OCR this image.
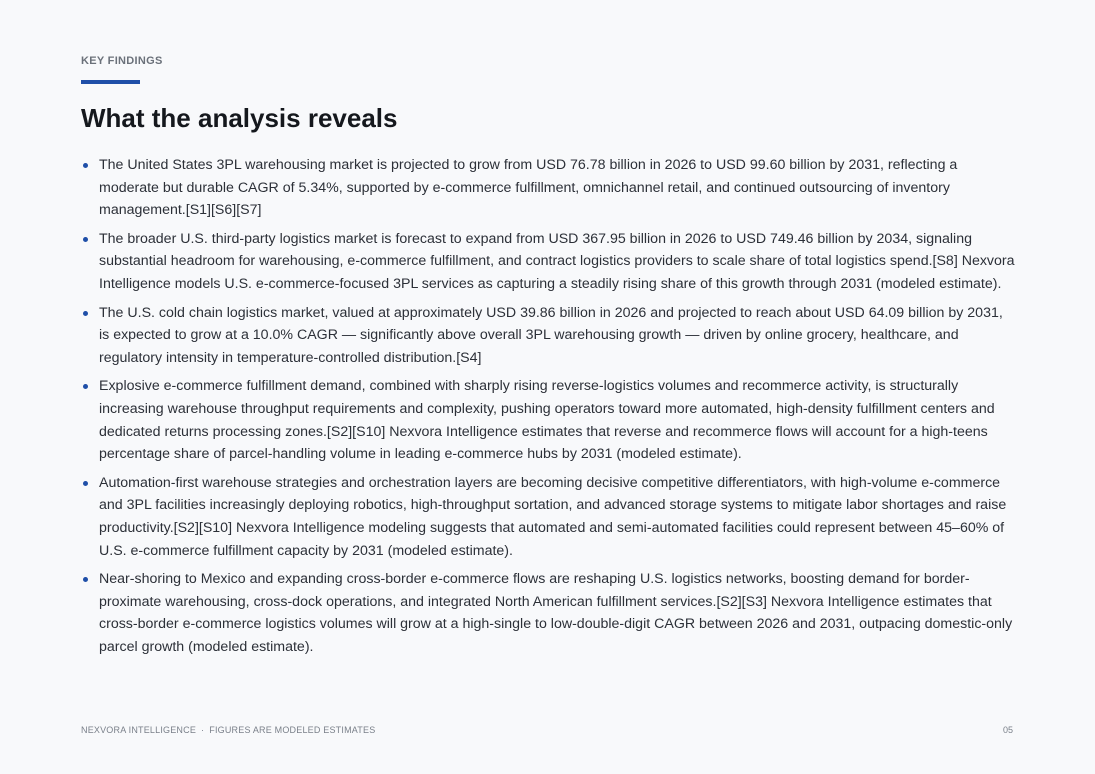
KEY FINDINGS
What the analysis reveals
The United States 3PL warehousing market is projected to grow from USD 76.78 billion in 2026 to USD 99.60 billion by 2031, reflecting a moderate but durable CAGR of 5.34%, supported by e-commerce fulfillment, omnichannel retail, and continued outsourcing of inventory management.[S1][S6][S7]
The broader U.S. third-party logistics market is forecast to expand from USD 367.95 billion in 2026 to USD 749.46 billion by 2034, signaling substantial headroom for warehousing, e-commerce fulfillment, and contract logistics providers to scale share of total logistics spend.[S8] Nexvora Intelligence models U.S. e-commerce-focused 3PL services as capturing a steadily rising share of this growth through 2031 (modeled estimate).
The U.S. cold chain logistics market, valued at approximately USD 39.86 billion in 2026 and projected to reach about USD 64.09 billion by 2031, is expected to grow at a 10.0% CAGR — significantly above overall 3PL warehousing growth — driven by online grocery, healthcare, and regulatory intensity in temperature-controlled distribution.[S4]
Explosive e-commerce fulfillment demand, combined with sharply rising reverse-logistics volumes and recommerce activity, is structurally increasing warehouse throughput requirements and complexity, pushing operators toward more automated, high-density fulfillment centers and dedicated returns processing zones.[S2][S10] Nexvora Intelligence estimates that reverse and recommerce flows will account for a high-teens percentage share of parcel-handling volume in leading e-commerce hubs by 2031 (modeled estimate).
Automation-first warehouse strategies and orchestration layers are becoming decisive competitive differentiators, with high-volume e-commerce and 3PL facilities increasingly deploying robotics, high-throughput sortation, and advanced storage systems to mitigate labor shortages and raise productivity.[S2][S10] Nexvora Intelligence modeling suggests that automated and semi-automated facilities could represent between 45–60% of U.S. e-commerce fulfillment capacity by 2031 (modeled estimate).
Near-shoring to Mexico and expanding cross-border e-commerce flows are reshaping U.S. logistics networks, boosting demand for border-proximate warehousing, cross-dock operations, and integrated North American fulfillment services.[S2][S3] Nexvora Intelligence estimates that cross-border e-commerce logistics volumes will grow at a high-single to low-double-digit CAGR between 2026 and 2031, outpacing domestic-only parcel growth (modeled estimate).
NEXVORA INTELLIGENCE · FIGURES ARE MODELED ESTIMATES	05
